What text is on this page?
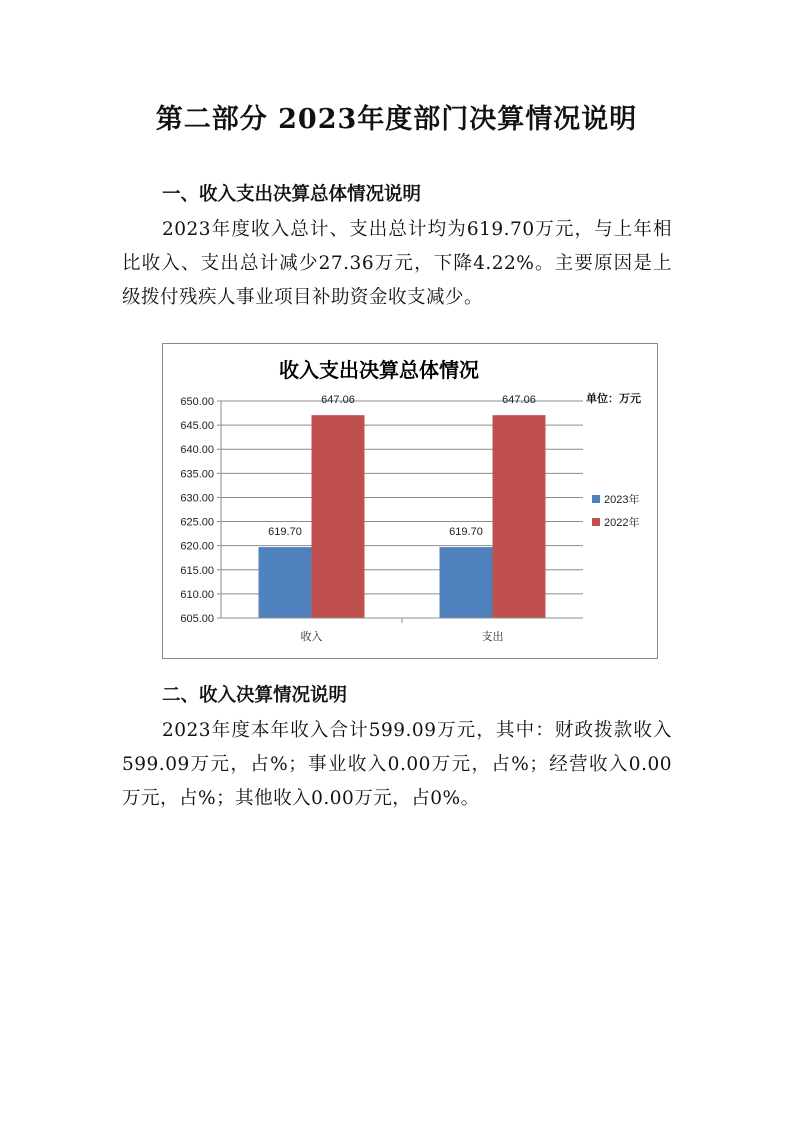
第二部分 2023年度部门决算情况说明
一、收入支出决算总体情况说明
2023年度收入总计、支出总计均为619.70万元，与上年相比收入、支出总计减少27.36万元，下降4.22%。主要原因是上级拨付残疾人事业项目补助资金收支减少。
收入支出决算总体情况
单位：万元
605.00
610.00
615.00
620.00
625.00
630.00
635.00
640.00
645.00
650.00
619.70
647.06
619.70
647.06
收入	支出
2023年
2022年
二、收入决算情况说明
2023年度本年收入合计599.09万元，其中：财政拨款收入599.09万元，占%；事业收入0.00万元，占%；经营收入0.00万元，占%；其他收入0.00万元，占0%。
